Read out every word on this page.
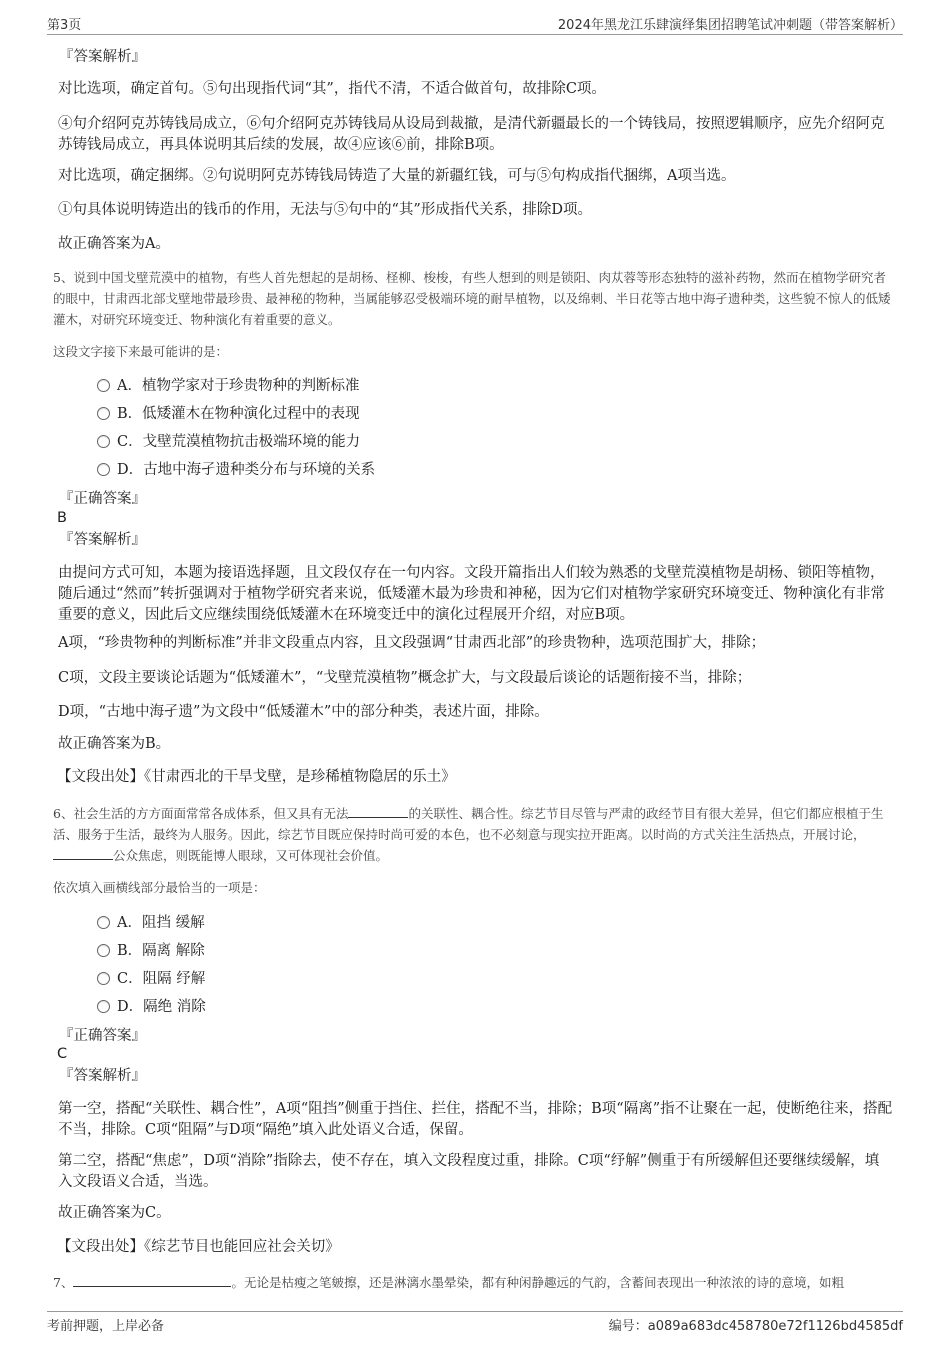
第3页	2024年黑龙江乐肆演绎集团招聘笔试冲刺题（带答案解析）
『答案解析』
对比选项，确定首句。⑤句出现指代词“其”，指代不清，不适合做首句，故排除C项。
④句介绍阿克苏铸钱局成立，⑥句介绍阿克苏铸钱局从设局到裁撤，是清代新疆最长的一个铸钱局，按照逻辑顺序，应先介绍阿克苏铸钱局成立，再具体说明其后续的发展，故④应该⑥前，排除B项。
对比选项，确定捆绑。②句说明阿克苏铸钱局铸造了大量的新疆红钱，可与⑤句构成指代捆绑，A项当选。
①句具体说明铸造出的钱币的作用，无法与⑤句中的“其”形成指代关系，排除D项。
故正确答案为A。
5、说到中国戈壁荒漠中的植物，有些人首先想起的是胡杨、柽柳、梭梭，有些人想到的则是锁阳、肉苁蓉等形态独特的滋补药物，然而在植物学研究者的眼中，甘肃西北部戈壁地带最珍贵、最神秘的物种，当属能够忍受极端环境的耐旱植物，以及绵刺、半日花等古地中海孑遗种类，这些貌不惊人的低矮灌木，对研究环境变迁、物种演化有着重要的意义。
这段文字接下来最可能讲的是：
A．植物学家对于珍贵物种的判断标准
B．低矮灌木在物种演化过程中的表现
C．戈壁荒漠植物抗击极端环境的能力
D．古地中海孑遗种类分布与环境的关系
『正确答案』
B
『答案解析』
由提问方式可知，本题为接语选择题，且文段仅存在一句内容。文段开篇指出人们较为熟悉的戈壁荒漠植物是胡杨、锁阳等植物，随后通过“然而”转折强调对于植物学研究者来说，低矮灌木最为珍贵和神秘，因为它们对植物学家研究环境变迁、物种演化有非常重要的意义，因此后文应继续围绕低矮灌木在环境变迁中的演化过程展开介绍，对应B项。
A项，“珍贵物种的判断标准”并非文段重点内容，且文段强调“甘肃西北部”的珍贵物种，选项范围扩大，排除；
C项，文段主要谈论话题为“低矮灌木”，“戈壁荒漠植物”概念扩大，与文段最后谈论的话题衔接不当，排除；
D项，“古地中海孑遗”为文段中“低矮灌木”中的部分种类，表述片面，排除。
故正确答案为B。
【文段出处】《甘肃西北的干旱戈壁，是珍稀植物隐居的乐土》
6、社会生活的方方面面常常各成体系，但又具有无法	的关联性、耦合性。综艺节目尽管与严肃的政经节目有很大差异，但它们都应根植于生活、服务于生活，最终为人服务。因此，综艺节目既应保持时尚可爱的本色，也不必刻意与现实拉开距离。以时尚的方式关注生活热点，开展讨论，公众焦虑，则既能博人眼球，又可体现社会价值。
依次填入画横线部分最恰当的一项是：
A．阻挡 缓解
B．隔离 解除
C．阻隔 纾解
D．隔绝 消除
『正确答案』
C
『答案解析』
第一空，搭配“关联性、耦合性”，A项“阻挡”侧重于挡住、拦住，搭配不当，排除；B项“隔离”指不让聚在一起，使断绝往来，搭配不当，排除。C项“阻隔”与D项“隔绝”填入此处语义合适，保留。
第二空，搭配“焦虑”，D项“消除”指除去，使不存在，填入文段程度过重，排除。C项“纾解”侧重于有所缓解但还要继续缓解，填入文段语义合适，当选。
故正确答案为C。
【文段出处】《综艺节目也能回应社会关切》
7、	。无论是枯瘦之笔皴擦，还是淋漓水墨晕染，都有种闲静趣远的气韵，含蓄间表现出一种浓浓的诗的意境，如粗
考前押题，上岸必备	编号：a089a683dc458780e72f1126bd4585df
